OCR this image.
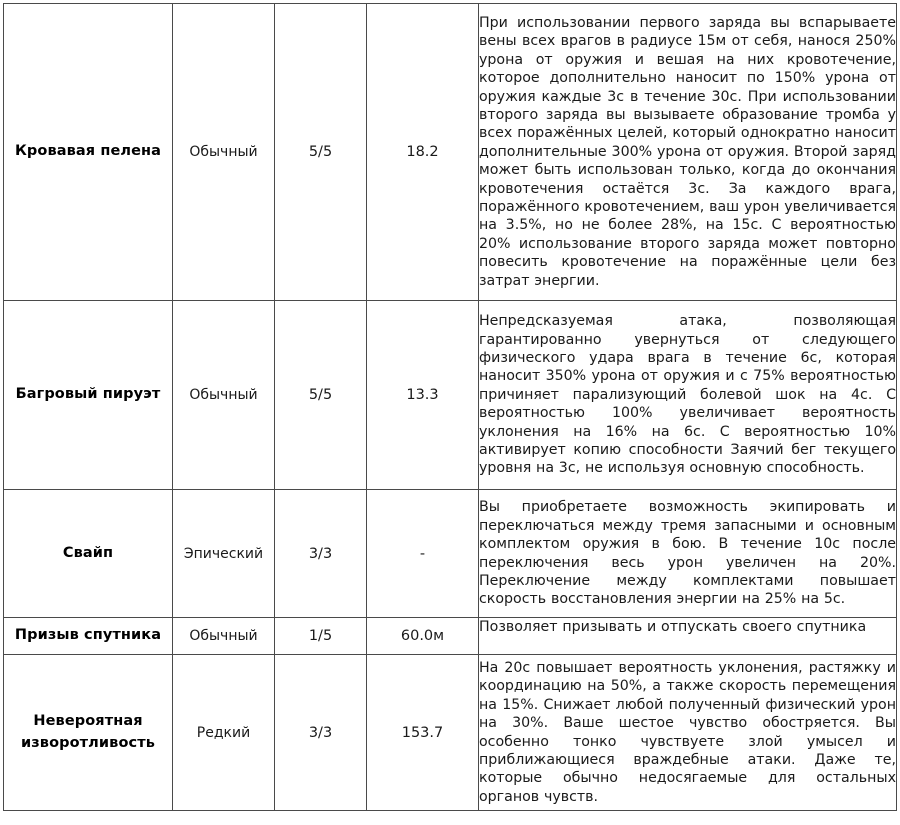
Кровавая пелена	Обычный	5/5	18.2	При использовании первого заряда вы вспарываете вены всех врагов в радиусе 15м от себя, нанося 250% урона от оружия и вешая на них кровотечение, которое дополнительно наносит по 150% урона от оружия каждые 3с в течение 30с. При использовании второго заряда вы вызываете образование тромба у всех поражённых целей, который однократно наносит дополнительные 300% урона от оружия. Второй заряд может быть использован только, когда до окончания кровотечения остаётся 3с. За каждого врага, поражённого кровотечением, ваш урон увеличивается на 3.5%, но не более 28%, на 15с. С вероятностью 20% использование второго заряда может повторно повесить кровотечение на поражённые цели без затрат энергии.
Багровый пируэт	Обычный	5/5	13.3	Непредсказуемая атака, позволяющая гарантированно увернуться от следующего физического удара врага в течение 6с, которая наносит 350% урона от оружия и с 75% вероятностью причиняет парализующий болевой шок на 4с. С вероятностью 100% увеличивает вероятность уклонения на 16% на 6с. С вероятностью 10% активирует копию способности Заячий бег текущего уровня на 3с, не используя основную способность.
Свайп	Эпический	3/3	-	Вы приобретаете возможность экипировать и переключаться между тремя запасными и основным комплектом оружия в бою. В течение 10с после переключения весь урон увеличен на 20%. Переключение между комплектами повышает скорость восстановления энергии на 25% на 5с.
Призыв спутника	Обычный	1/5	60.0м	Позволяет призывать и отпускать своего спутника
Невероятная изворотливость	Редкий	3/3	153.7	На 20с повышает вероятность уклонения, растяжку и координацию на 50%, а также скорость перемещения на 15%. Снижает любой полученный физический урон на 30%. Ваше шестое чувство обостряется. Вы особенно тонко чувствуете злой умысел и приближающиеся враждебные атаки. Даже те, которые обычно недосягаемые для остальных органов чувств.
